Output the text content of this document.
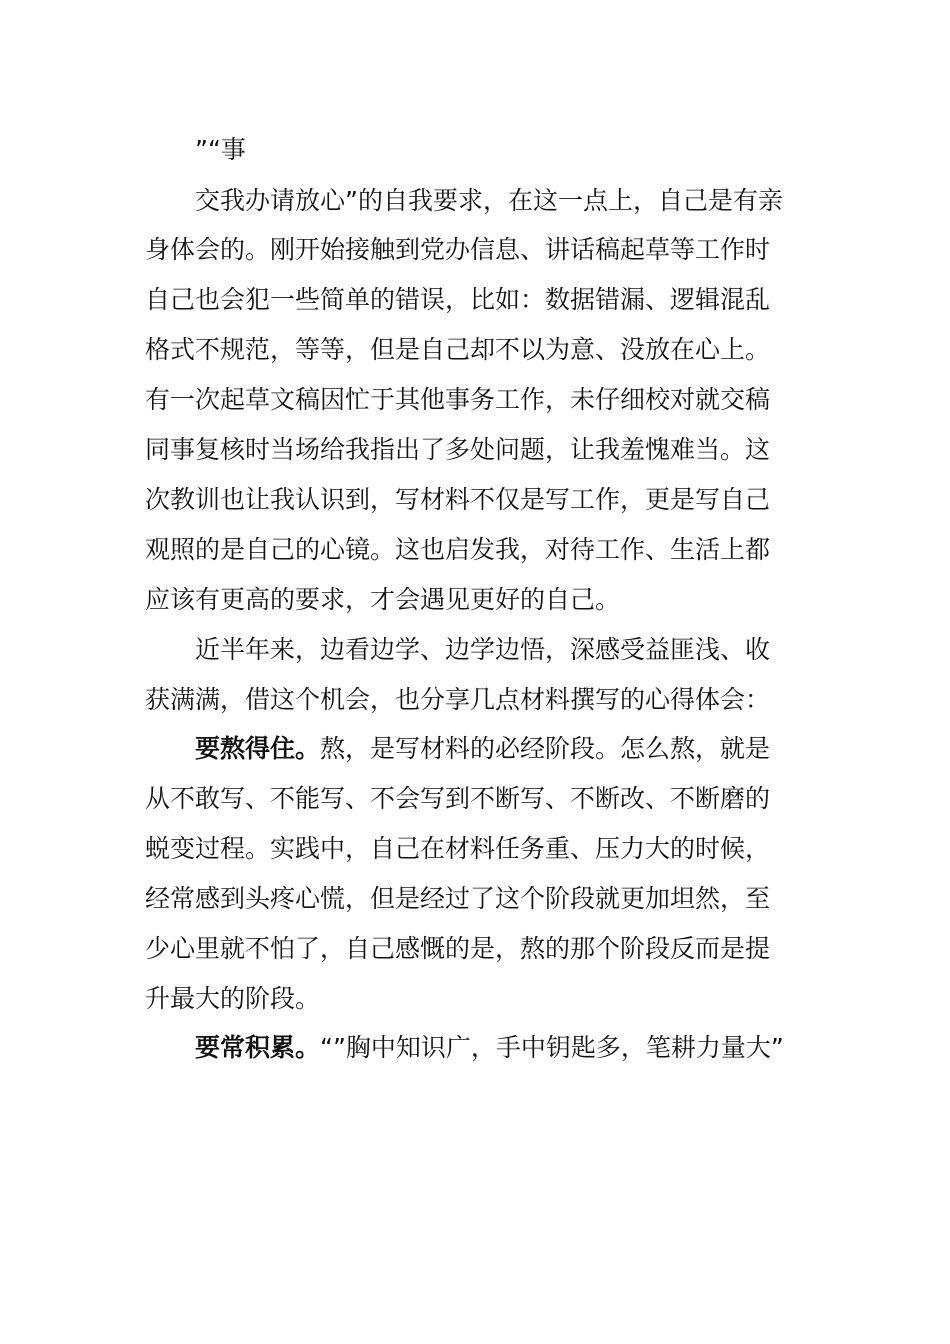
”“事
交我办请放心”的自我要求，在这一点上，自己是有亲
身体会的。刚开始接触到党办信息、讲话稿起草等工作时
自己也会犯一些简单的错误，比如：数据错漏、逻辑混乱
格式不规范，等等，但是自己却不以为意、没放在心上。
有一次起草文稿因忙于其他事务工作，未仔细校对就交稿
同事复核时当场给我指出了多处问题，让我羞愧难当。这
次教训也让我认识到，写材料不仅是写工作，更是写自己
观照的是自己的心镜。这也启发我，对待工作、生活上都
应该有更高的要求，才会遇见更好的自己。
近半年来，边看边学、边学边悟，深感受益匪浅、收
获满满，借这个机会，也分享几点材料撰写的心得体会：
要熬得住。熬，是写材料的必经阶段。怎么熬，就是
从不敢写、不能写、不会写到不断写、不断改、不断磨的
蜕变过程。实践中，自己在材料任务重、压力大的时候，
经常感到头疼心慌，但是经过了这个阶段就更加坦然，至
少心里就不怕了，自己感慨的是，熬的那个阶段反而是提
升最大的阶段。
要常积累。“”胸中知识广，手中钥匙多，笔耕力量大”
